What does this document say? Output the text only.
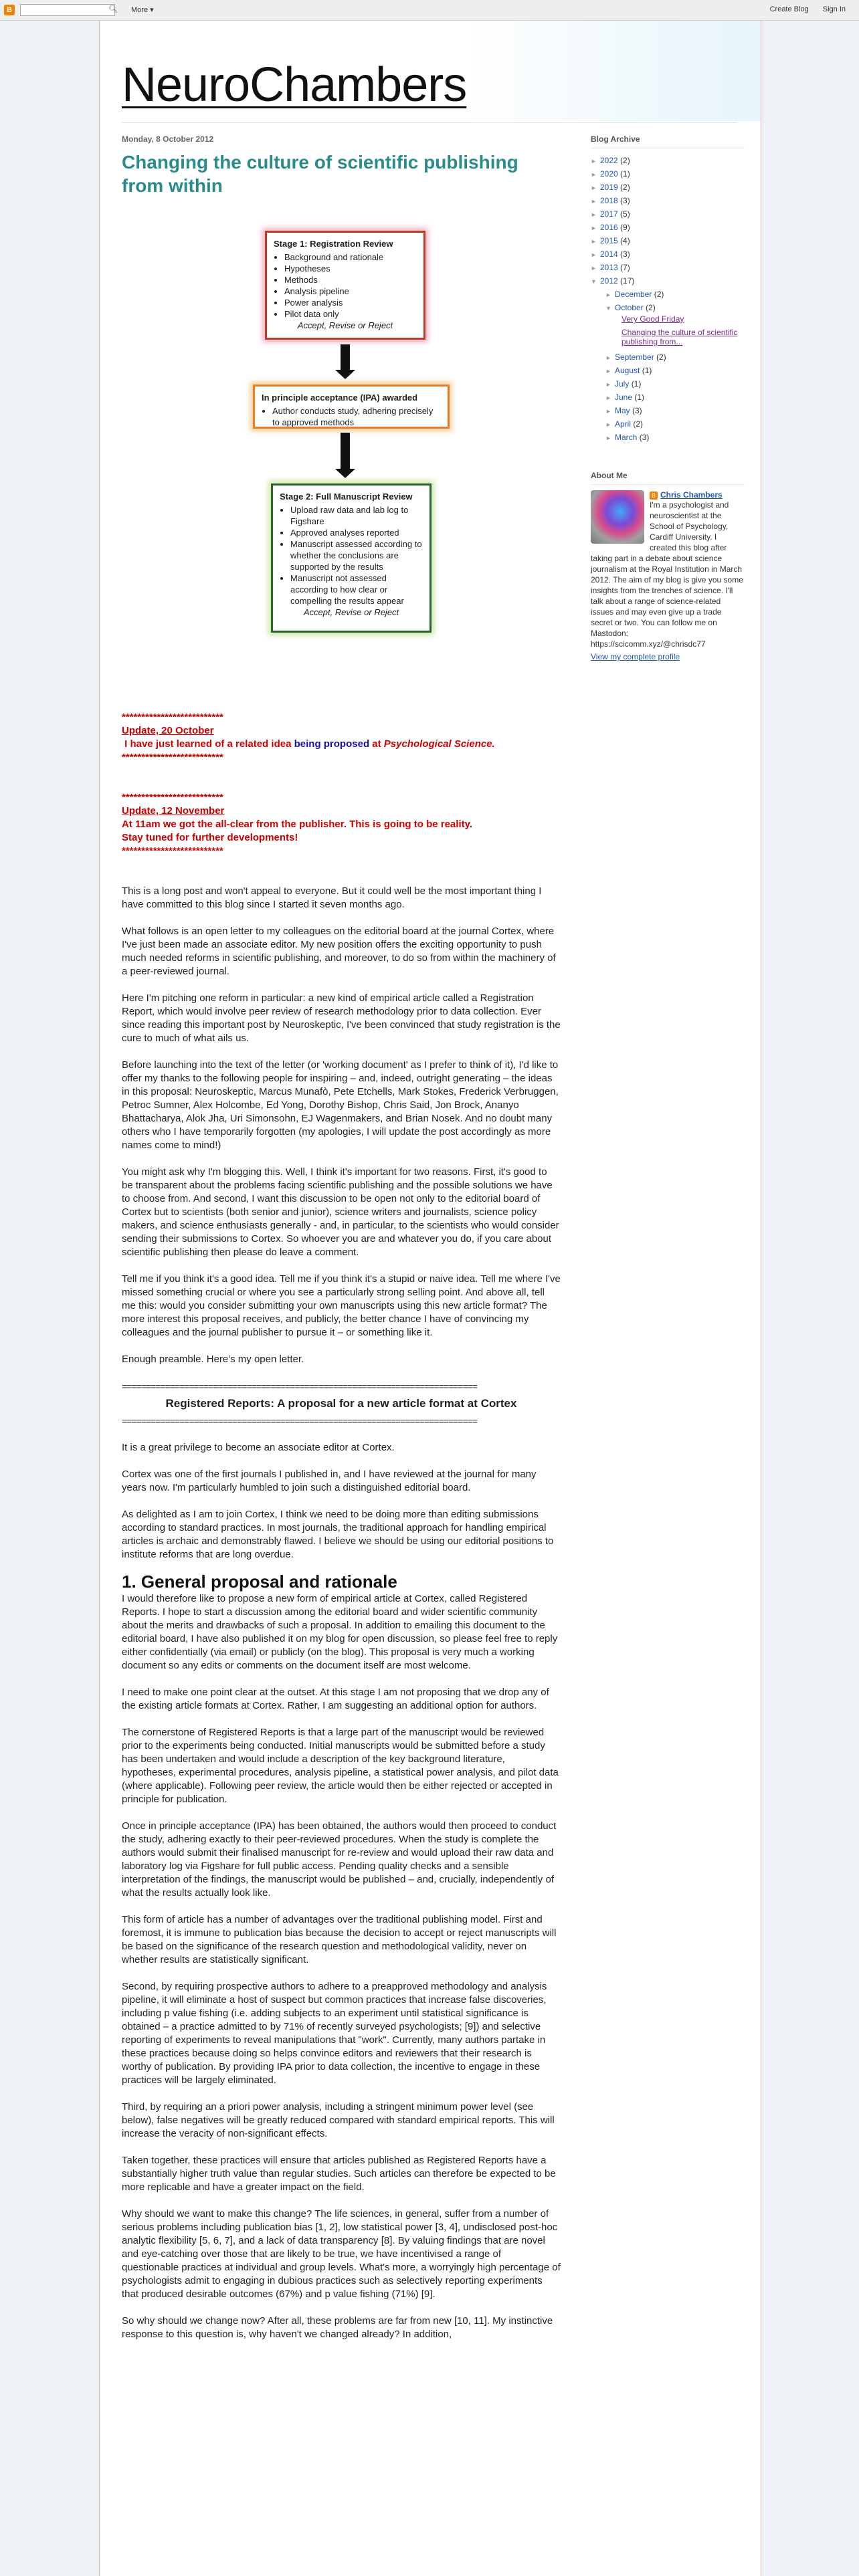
B	🔍︎ More ▾	Create Blog Sign In
NeuroChambers
Monday, 8 October 2012
Changing the culture of scientific publishing from within
Stage 1: Registration Review
• Background and rationale
• Hypotheses
• Methods
• Analysis pipeline
• Power analysis
• Pilot data only
Accept, Revise or Reject
In principle acceptance (IPA) awarded
• Author conducts study, adhering precisely to approved methods
Stage 2: Full Manuscript Review
• Upload raw data and lab log to Figshare
• Approved analyses reported
• Manuscript assessed according to whether the conclusions are supported by the results
• Manuscript not assessed according to how clear or compelling the results appear
Accept, Revise or Reject
**************************
Update, 20 October
I have just learned of a related idea being proposed at Psychological Science.
**************************
**************************
Update, 12 November
At 11am we got the all-clear from the publisher. This is going to be reality.
Stay tuned for further developments!
**************************

This is a long post and won't appeal to everyone. But it could well be the most important thing I have committed to this blog since I started it seven months ago.

What follows is an open letter to my colleagues on the editorial board at the journal Cortex, where I've just been made an associate editor. My new position offers the exciting opportunity to push much needed reforms in scientific publishing, and moreover, to do so from within the machinery of a peer-reviewed journal.

Here I'm pitching one reform in particular: a new kind of empirical article called a Registration Report, which would involve peer review of research methodology prior to data collection. Ever since reading this important post by Neuroskeptic, I've been convinced that study registration is the cure to much of what ails us.

Before launching into the text of the letter (or 'working document' as I prefer to think of it), I'd like to offer my thanks to the following people for inspiring – and, indeed, outright generating – the ideas in this proposal: Neuroskeptic, Marcus Munafò, Pete Etchells, Mark Stokes, Frederick Verbruggen, Petroc Sumner, Alex Holcombe, Ed Yong, Dorothy Bishop, Chris Said, Jon Brock, Ananyo Bhattacharya, Alok Jha, Uri Simonsohn, EJ Wagenmakers, and Brian Nosek. And no doubt many others who I have temporarily forgotten (my apologies, I will update the post accordingly as more names come to mind!)

You might ask why I'm blogging this. Well, I think it's important for two reasons. First, it's good to be transparent about the problems facing scientific publishing and the possible solutions we have to choose from. And second, I want this discussion to be open not only to the editorial board of Cortex but to scientists (both senior and junior), science writers and journalists, science policy makers, and science enthusiasts generally - and, in particular, to the scientists who would consider sending their submissions to Cortex. So whoever you are and whatever you do, if you care about scientific publishing then please do leave a comment.

Tell me if you think it's a good idea. Tell me if you think it's a stupid or naive idea. Tell me where I've missed something crucial or where you see a particularly strong selling point. And above all, tell me this: would you consider submitting your own manuscripts using this new article format? The more interest this proposal receives, and publicly, the better chance I have of convincing my colleagues and the journal publisher to pursue it – or something like it.

Enough preamble. Here's my open letter.

==========================================================================
Registered Reports: A proposal for a new article format at Cortex
==========================================================================

It is a great privilege to become an associate editor at Cortex.

Cortex was one of the first journals I published in, and I have reviewed at the journal for many years now. I'm particularly humbled to join such a distinguished editorial board.

As delighted as I am to join Cortex, I think we need to be doing more than editing submissions according to standard practices. In most journals, the traditional approach for handling empirical articles is archaic and demonstrably flawed. I believe we should be using our editorial positions to institute reforms that are long overdue.

1. General proposal and rationale

I would therefore like to propose a new form of empirical article at Cortex, called Registered Reports. I hope to start a discussion among the editorial board and wider scientific community about the merits and drawbacks of such a proposal. In addition to emailing this document to the editorial board, I have also published it on my blog for open discussion, so please feel free to reply either confidentially (via email) or publicly (on the blog). This proposal is very much a working document so any edits or comments on the document itself are most welcome.

I need to make one point clear at the outset. At this stage I am not proposing that we drop any of the existing article formats at Cortex. Rather, I am suggesting an additional option for authors.

The cornerstone of Registered Reports is that a large part of the manuscript would be reviewed prior to the experiments being conducted. Initial manuscripts would be submitted before a study has been undertaken and would include a description of the key background literature, hypotheses, experimental procedures, analysis pipeline, a statistical power analysis, and pilot data (where applicable). Following peer review, the article would then be either rejected or accepted in principle for publication.

Once in principle acceptance (IPA) has been obtained, the authors would then proceed to conduct the study, adhering exactly to their peer-reviewed procedures. When the study is complete the authors would submit their finalised manuscript for re-review and would upload their raw data and laboratory log via Figshare for full public access. Pending quality checks and a sensible interpretation of the findings, the manuscript would be published – and, crucially, independently of what the results actually look like.

This form of article has a number of advantages over the traditional publishing model. First and foremost, it is immune to publication bias because the decision to accept or reject manuscripts will be based on the significance of the research question and methodological validity, never on whether results are statistically significant.

Second, by requiring prospective authors to adhere to a preapproved methodology and analysis pipeline, it will eliminate a host of suspect but common practices that increase false discoveries, including p value fishing (i.e. adding subjects to an experiment until statistical significance is obtained – a practice admitted to by 71% of recently surveyed psychologists; [9]) and selective reporting of experiments to reveal manipulations that "work". Currently, many authors partake in these practices because doing so helps convince editors and reviewers that their research is worthy of publication. By providing IPA prior to data collection, the incentive to engage in these practices will be largely eliminated.

Third, by requiring an a priori power analysis, including a stringent minimum power level (see below), false negatives will be greatly reduced compared with standard empirical reports. This will increase the veracity of non-significant effects.

Taken together, these practices will ensure that articles published as Registered Reports have a substantially higher truth value than regular studies. Such articles can therefore be expected to be more replicable and have a greater impact on the field.

Why should we want to make this change? The life sciences, in general, suffer from a number of serious problems including publication bias [1, 2], low statistical power [3, 4], undisclosed post-hoc analytic flexibility [5, 6, 7], and a lack of data transparency [8]. By valuing findings that are novel and eye-catching over those that are likely to be true, we have incentivised a range of questionable practices at individual and group levels. What's more, a worryingly high percentage of psychologists admit to engaging in dubious practices such as selectively reporting experiments that produced desirable outcomes (67%) and p value fishing (71%) [9].

So why should we change now? After all, these problems are far from new [10, 11]. My instinctive response to this question is, why haven't we changed already? In addition,

Blog Archive
► 2022 (2)
► 2020 (1)
► 2019 (2)
► 2018 (3)
► 2017 (5)
► 2016 (9)
► 2015 (4)
► 2014 (3)
► 2013 (7)
▼ 2012 (17)
► December (2)
▼ October (2)
Very Good Friday
Changing the culture of scientific publishing from...
► September (2)
► August (1)
► July (1)
► June (1)
► May (3)
► April (2)
► March (3)
About Me
B Chris Chambers
I'm a psychologist and neuroscientist at the School of Psychology, Cardiff University. I created this blog after taking part in a debate about science journalism at the Royal Institution in March 2012. The aim of my blog is give you some insights from the trenches of science. I'll talk about a range of science-related issues and may even give up a trade secret or two. You can follow me on Mastodon: https://scicomm.xyz/@chrisdc77
View my complete profile
